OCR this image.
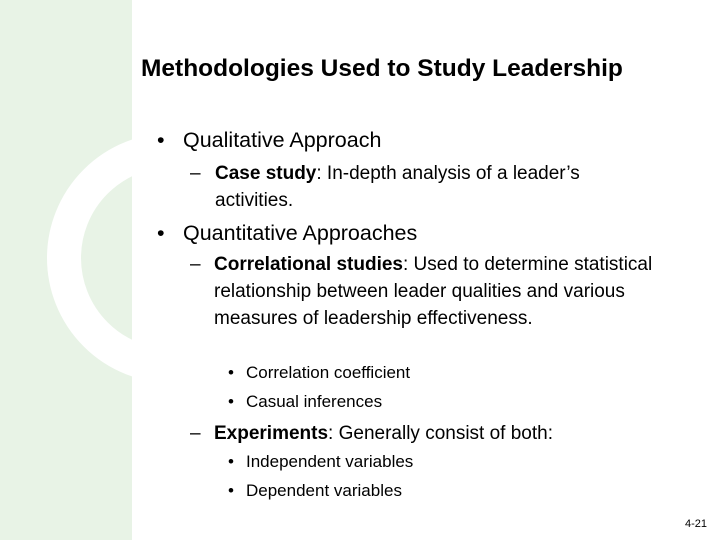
Methodologies Used to Study Leadership
• Qualitative Approach
– Case study: In-depth analysis of a leader’s activities.
• Quantitative Approaches
– Correlational studies: Used to determine statistical relationship between leader qualities and various measures of leadership effectiveness.
• Correlation coefficient
• Casual inferences
– Experiments: Generally consist of both:
• Independent variables
• Dependent variables
4-21
